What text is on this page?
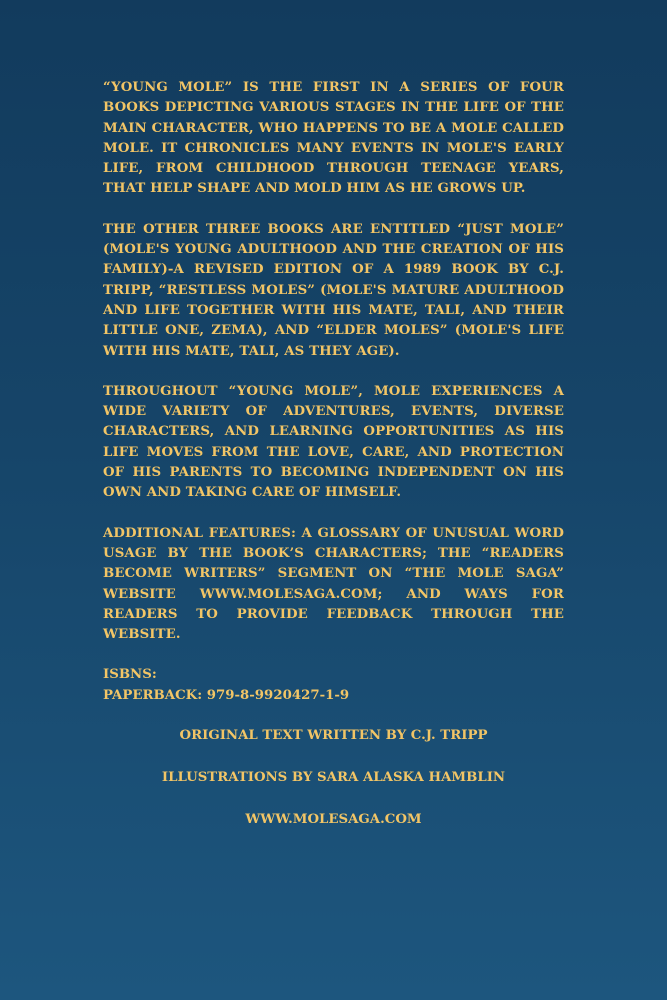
“YOUNG MOLE” IS THE FIRST IN A SERIES OF FOUR BOOKS DEPICTING VARIOUS STAGES IN THE LIFE OF THE MAIN CHARACTER, WHO HAPPENS TO BE A MOLE CALLED MOLE. IT CHRONICLES MANY EVENTS IN MOLE'S EARLY LIFE, FROM CHILDHOOD THROUGH TEENAGE YEARS, THAT HELP SHAPE AND MOLD HIM AS HE GROWS UP.

THE OTHER THREE BOOKS ARE ENTITLED “JUST MOLE” (MOLE'S YOUNG ADULTHOOD AND THE CREATION OF HIS FAMILY)-A REVISED EDITION OF A 1989 BOOK BY C.J. TRIPP, “RESTLESS MOLES” (MOLE'S MATURE ADULTHOOD AND LIFE TOGETHER WITH HIS MATE, TALI, AND THEIR LITTLE ONE, ZEMA), AND “ELDER MOLES” (MOLE'S LIFE WITH HIS MATE, TALI, AS THEY AGE).

THROUGHOUT “YOUNG MOLE”, MOLE EXPERIENCES A WIDE VARIETY OF ADVENTURES, EVENTS, DIVERSE CHARACTERS, AND LEARNING OPPORTUNITIES AS HIS LIFE MOVES FROM THE LOVE, CARE, AND PROTECTION OF HIS PARENTS TO BECOMING INDEPENDENT ON HIS OWN AND TAKING CARE OF HIMSELF.

ADDITIONAL FEATURES: A GLOSSARY OF UNUSUAL WORD USAGE BY THE BOOK’S CHARACTERS; THE “READERS BECOME WRITERS” SEGMENT ON “THE MOLE SAGA” WEBSITE WWW.MOLESAGA.COM; AND WAYS FOR READERS TO PROVIDE FEEDBACK THROUGH THE WEBSITE.

ISBNS:
PAPERBACK: 979-8-9920427-1-9
ORIGINAL TEXT WRITTEN BY C.J. TRIPP
ILLUSTRATIONS BY SARA ALASKA HAMBLIN
WWW.MOLESAGA.COM
